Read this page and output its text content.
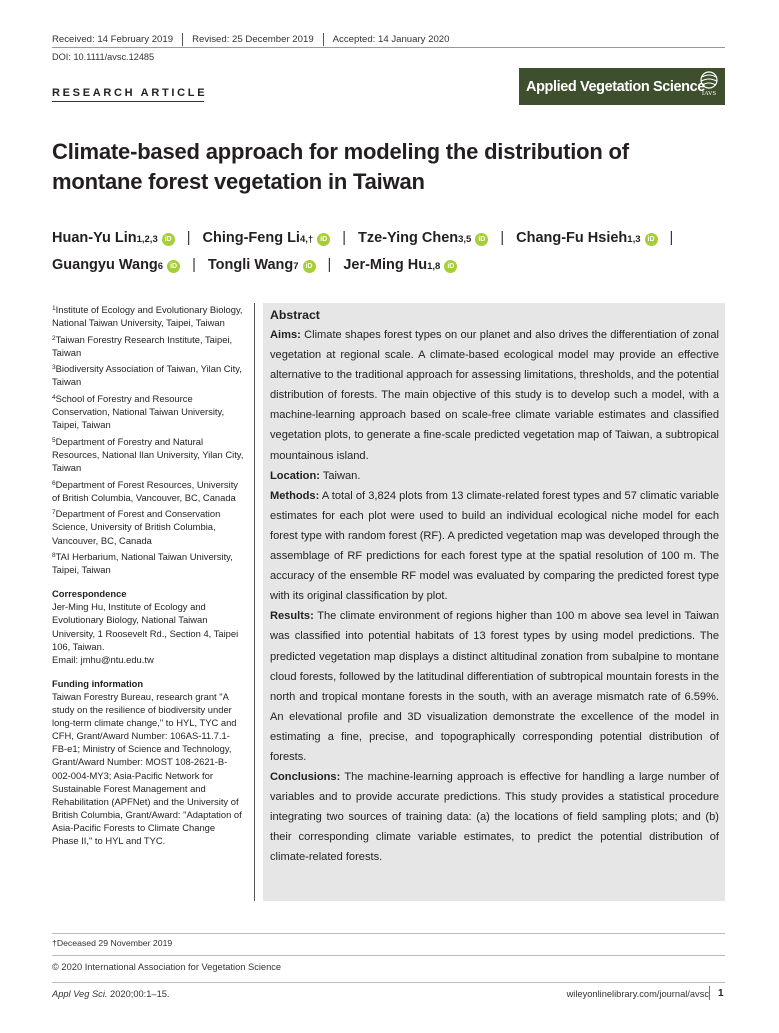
Received: 14 February 2019 Revised: 25 December 2019 Accepted: 14 January 2020
DOI: 10.1111/avsc.12485
RESEARCH ARTICLE	Applied Vegetation Science
IAVS
Climate-based approach for modeling the distribution of
montane forest vegetation in Taiwan
Huan-Yu Lin 1,2,3	iD | Ching-Feng Li 4,†	iD | Tze-Ying Chen 3,5	iD | Chang-Fu Hsieh 1,3	iD |
Guangyu Wang 6	iD | Tongli Wang 7	iD | Jer-Ming Hu 1,8	iD
$^1$Institute of Ecology and Evolutionary Biology, National Taiwan University, Taipei, Taiwan
$^2$Taiwan Forestry Research Institute, Taipei, Taiwan
$^3$Biodiversity Association of Taiwan, Yilan City, Taiwan
$^4$School of Forestry and Resource Conservation, National Taiwan University, Taipei, Taiwan
$^5$Department of Forestry and Natural Resources, National Ilan University, Yilan City, Taiwan
$^6$Department of Forest Resources, University of British Columbia, Vancouver, BC, Canada
$^7$Department of Forest and Conservation Science, University of British Columbia, Vancouver, BC, Canada
$^8$TAI Herbarium, National Taiwan University, Taipei, Taiwan
Correspondence
Jer-Ming Hu, Institute of Ecology and Evolutionary Biology, National Taiwan University, 1 Roosevelt Rd., Section 4, Taipei 106, Taiwan.
Email: jmhu@ntu.edu.tw
Funding information
Taiwan Forestry Bureau, research grant "A study on the resilience of biodiversity under long-term climate change," to HYL, TYC and CFH, Grant/Award Number: 106AS-11.7.1-FB-e1; Ministry of Science and Technology, Grant/Award Number: MOST 108-2621-B-002-004-MY3; Asia-Pacific Network for Sustainable Forest Management and Rehabilitation (APFNet) and the University of British Columbia, Grant/Award: "Adaptation of Asia-Pacific Forests to Climate Change Phase II," to HYL and TYC.
Abstract

Aims: Climate shapes forest types on our planet and also drives the differentiation of zonal vegetation at regional scale. A climate-based ecological model may provide an effective alternative to the traditional approach for assessing limitations, thresholds, and the potential distribution of forests. The main objective of this study is to develop such a model, with a machine-learning approach based on scale-free climate variable estimates and classified vegetation plots, to generate a fine-scale predicted vegetation map of Taiwan, a subtropical mountainous island.

Location: Taiwan.

Methods: A total of 3,824 plots from 13 climate-related forest types and 57 climatic variable estimates for each plot were used to build an individual ecological niche model for each forest type with random forest (RF). A predicted vegetation map was developed through the assemblage of RF predictions for each forest type at the spatial resolution of 100 m. The accuracy of the ensemble RF model was evaluated by comparing the predicted forest type with its original classification by plot.

Results: The climate environment of regions higher than 100 m above sea level in Taiwan was classified into potential habitats of 13 forest types by using model predictions. The predicted vegetation map displays a distinct altitudinal zonation from subalpine to montane cloud forests, followed by the latitudinal differentiation of subtropical mountain forests in the north and tropical montane forests in the south, with an average mismatch rate of 6.59%. An elevational profile and 3D visualization demonstrate the excellence of the model in estimating a fine, precise, and topographically corresponding potential distribution of forests.

Conclusions: The machine-learning approach is effective for handling a large number of variables and to provide accurate predictions. This study provides a statistical procedure integrating two sources of training data: (a) the locations of field sampling plots; and (b) their corresponding climate variable estimates, to predict the potential distribution of climate-related forests.

†Deceased 29 November 2019
© 2020 International Association for Vegetation Science
Appl Veg Sci. 2020;00:1–15.	wileyonlinelibrary.com/journal/avsc 1
